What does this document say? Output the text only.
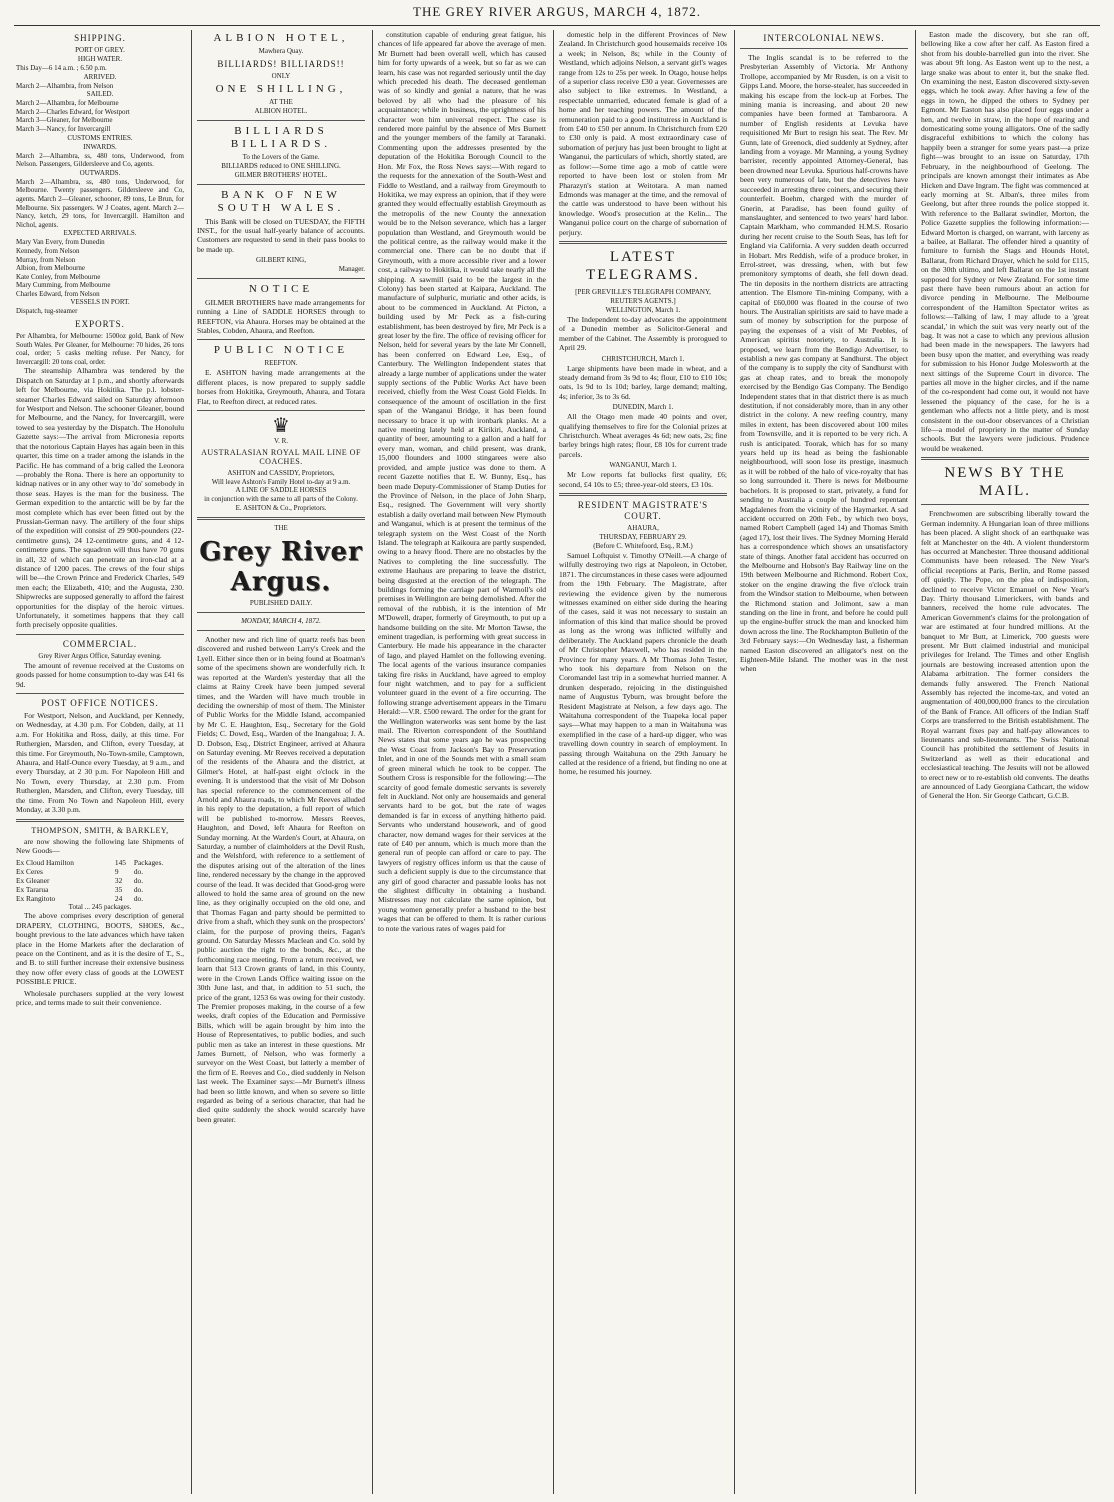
THE GREY RIVER ARGUS, MARCH 4, 1872.
SHIPPING.
PORT OF GREY.
HIGH WATER.
This Day—6 14 a.m. ; 6.50 p.m.
ARRIVED.
March 2—Alhambra, from Nelson
SAILED.
March 2—Alhambra, for Melbourne
March 2—Charles Edward, for Westport
March 3—Gleaner, for Melbourne
March 3—Nancy, for Invercargill
CUSTOMS ENTRIES.
INWARDS.
March 2—Alhambra, ss, 480 tons, Underwood, from Nelson. Passengers, Gildersleeve and Co, agents.
OUTWARDS.
March 2—Alhambra, ss, 480 tons, Underwood, for Melbourne. Twenty passengers. Gildersleeve and Co, agents. March 2—Gleaner, schooner, 89 tons, Le Brun, for Melbourne. Six passengers. W J Coates, agent. March 2—Nancy, ketch, 29 tons, for Invercargill. Hamilton and Nichol, agents.
EXPECTED ARRIVALS.
Mary Van Every, from Dunedin
Kennedy, from Nelson
Murray, from Nelson
Albion, from Melbourne
Kate Conley, from Melbourne
Mary Cumming, from Melbourne
Charles Edward, from Nelson
VESSELS IN PORT.
Dispatch, tug-steamer
EXPORTS.
Per Alhambra, for Melbourne: 1500oz gold, Bank of New South Wales. Per Gleaner, for Melbourne: 70 hides, 26 tons coal, order; 5 casks melting refuse. Per Nancy, for Invercargill: 20 tons coal, order.

The steamship Alhambra was tendered by the Dispatch on Saturday at 1 p.m., and shortly afterwards left for Melbourne, via Hokitika. The p.l. lobster-steamer Charles Edward sailed on Saturday afternoon for Westport and Nelson. The schooner Gleaner, bound for Melbourne, and the Nancy, for Invercargill, were towed to sea yesterday by the Dispatch. The Honolulu Gazette says:—The arrival from Micronesia reports that the notorious Captain Hayes has again been in this quarter, this time on a trader among the islands in the Pacific. He has command of a brig called the Leonora—probably the Rona. There is here an opportunity to kidnap natives or in any other way to 'do' somebody in those seas. Hayes is the man for the business. The German expedition to the antarctic will be by far the most complete which has ever been fitted out by the Prussian-German navy. The artillery of the four ships of the expedition will consist of 29 900-pounders (22-centimetre guns), 24 12-centimetre guns, and 4 12-centimetre guns. The squadron will thus have 70 guns in all, 32 of which can penetrate an iron-clad at a distance of 1200 paces. The crews of the four ships will be—the Crown Prince and Frederick Charles, 549 men each; the Elizabeth, 410; and the Augusta, 230. Shipwrecks are supposed generally to afford the fairest opportunities for the display of the heroic virtues. Unfortunately, it sometimes happens that they call forth precisely opposite qualities.

COMMERCIAL.
Grey River Argus Office, Saturday evening.

The amount of revenue received at the Customs on goods passed for home consumption to-day was £41 6s 9d.

POST OFFICE NOTICES.

For Westport, Nelson, and Auckland, per Kennedy, on Wednesday, at 4.30 p.m. For Cobden, daily, at 11 a.m. For Hokitika and Ross, daily, at this time. For Ruthergien, Marsden, and Clifton, every Tuesday, at this time. For Greymouth, No-Town-smile, Camptown, Ahaura, and Half-Ounce every Tuesday, at 9 a.m., and every Thursday, at 2 30 p.m. For Napoleon Hill and No Town, every Thursday, at 2.30 p.m. From Rutherglen, Marsden, and Clifton, every Tuesday, till the time. From No Town and Napoleon Hill, every Monday, at 3.30 p.m.

THOMPSON, SMITH, & BARKLEY,

are now showing the following late Shipments of New Goods—

Ex Cloud Hamilton	145	Packages.
Ex Ceres	9	do.
Ex Gleaner	32	do.
Ex Tararua	35	do.
Ex Rangitoto	24	do.
Total ... 245 packages.

The above comprises every description of general DRAPERY, CLOTHING, BOOTS, SHOES, &c., bought previous to the late advances which have taken place in the Home Markets after the declaration of peace on the Continent, and as it is the desire of T., S., and B. to still further increase their extensive business they now offer every class of goods at the LOWEST POSSIBLE PRICE.

Wholesale purchasers supplied at the very lowest price, and terms made to suit their convenience.

ALBION HOTEL,
Mawhera Quay.
BILLIARDS! BILLIARDS!!
ONLY
ONE SHILLING,
AT THE
ALBION HOTEL.
BILLIARDS BILLIARDS.
To the Lovers of the Game.
BILLIARDS reduced to ONE SHILLING.
GILMER BROTHERS' HOTEL.
BANK OF NEW SOUTH WALES.

This Bank will be closed on TUESDAY, the FIFTH INST., for the usual half-yearly balance of accounts. Customers are requested to send in their pass books to be made up.

GILBERT KING,
Manager.
NOTICE

GILMER BROTHERS have made arrangements for running a Line of SADDLE HORSES through to REEFTON, via Ahaura. Horses may be obtained at the Stables, Cobden, Ahaura, and Reefton.

PUBLIC NOTICE
REEFTON.

E. ASHTON having made arrangements at the different places, is now prepared to supply saddle horses from Hokitika, Greymouth, Ahaura, and Totara Flat, to Reefton direct, at reduced rates.

♛
V. R.
AUSTRALASIAN ROYAL MAIL LINE OF COACHES.
ASHTON and CASSIDY, Proprietors,
Will leave Ashton's Family Hotel to-day at 9 a.m.
A LINE OF SADDLE HORSES
in conjunction with the same to all parts of the Colony.
E. ASHTON & Co., Proprietors.
THE
Grey River Argus.
PUBLISHED DAILY.
MONDAY, MARCH 4, 1872.

Another new and rich line of quartz reefs has been discovered and rushed between Larry's Creek and the Lyell. Either since then or in being found at Boatman's some of the specimens shown are wonderfully rich. It was reported at the Warden's yesterday that all the claims at Rainy Creek have been jumped several times, and the Warden will have much trouble in deciding the ownership of most of them. The Minister of Public Works for the Middle Island, accompanied by Mr C. E. Haughton, Esq., Secretary for the Gold Fields; C. Dowd, Esq., Warden of the Inangahua; J. A. D. Dobson, Esq., District Engineer, arrived at Ahaura on Saturday evening. Mr Reeves received a deputation of the residents of the Ahaura and the district, at Gilmer's Hotel, at half-past eight o'clock in the evening. It is understood that the visit of Mr Dobson has special reference to the commencement of the Arnold and Ahaura roads, to which Mr Reeves alluded in his reply to the deputation, a full report of which will be published to-morrow. Messrs Reeves, Haughton, and Dowd, left Ahaura for Reefton on Sunday morning. At the Warden's Court, at Ahaura, on Saturday, a number of claimholders at the Devil Rush, and the Welshford, with reference to a settlement of the disputes arising out of the alteration of the lines line, rendered necessary by the change in the approved course of the lead. It was decided that Good-grog were allowed to hold the same area of ground on the new line, as they originally occupied on the old one, and that Thomas Fagan and party should be permitted to drive from a shaft, which they sunk on the prospectors' claim, for the purpose of proving theirs, Fagan's ground. On Saturday Messrs Maclean and Co. sold by public auction the right to the bonds, &c., at the forthcoming race meeting. From a return received, we learn that 513 Crown grants of land, in this County, were in the Crown Lands Office waiting issue on the 30th June last, and that, in addition to 51 such, the price of the grant, 1253 6s was owing for their custody. The Premier proposes making, in the course of a few weeks, draft copies of the Education and Permissive Bills, which will be again brought by him into the House of Representatives, to public bodies, and such public men as take an interest in these questions. Mr James Burnett, of Nelson, who was formerly a surveyor on the West Coast, but latterly a member of the firm of E. Reeves and Co., died suddenly in Nelson last week. The Examiner says:—Mr Burnett's illness had been so little known, and when so severe so little regarded as being of a serious character, that had he died quite suddenly the shock would scarcely have been greater.

constitution capable of enduring great fatigue, his chances of life appeared far above the average of men. Mr Burnett had been overall well, which has caused him for forty upwards of a week, but so far as we can learn, his case was not regarded seriously until the day which preceded his death. The deceased gentleman was of so kindly and genial a nature, that he was beloved by all who had the pleasure of his acquaintance; while in business, the uprightness of his character won him universal respect. The case is rendered more painful by the absence of Mrs Burnett and the younger members of the family at Taranaki. Commenting upon the addresses presented by the deputation of the Hokitika Borough Council to the Hon. Mr Fox, the Ross News says:—With regard to the requests for the annexation of the South-West and Fiddle to Westland, and a railway from Greymouth to Hokitika, we may express an opinion, that if they were granted they would effectually establish Greymouth as the metropolis of the new County the annexation would be to the Nelson severance, which has a larger population than Westland, and Greymouth would be the political centre, as the railway would make it the commercial one. There can be no doubt that if Greymouth, with a more accessible river and a lower cost, a railway to Hokitika, it would take nearly all the shipping. A sawmill (said to be the largest in the Colony) has been started at Kaipara, Auckland. The manufacture of sulphuric, muriatic and other acids, is about to be commenced in Auckland. At Picton, a building used by Mr Peck as a fish-curing establishment, has been destroyed by fire, Mr Peck is a great loser by the fire. The office of revising officer for Nelson, held for several years by the late Mr Connell, has been conferred on Edward Lee, Esq., of Canterbury. The Wellington Independent states that already a large number of applications under the water supply sections of the Public Works Act have been received, chiefly from the West Coast Gold Fields. In consequence of the amount of oscillation in the first span of the Wanganui Bridge, it has been found necessary to brace it up with ironbark planks. At a native meeting lately held at Kirikiri, Auckland, a quantity of beer, amounting to a gallon and a half for every man, woman, and child present, was drank, 15,000 flounders and 1000 stingarees were also provided, and ample justice was done to them. A recent Gazette notifies that E. W. Bunny, Esq., has been made Deputy-Commissioner of Stamp Duties for the Province of Nelson, in the place of John Sharp, Esq., resigned. The Government will very shortly establish a daily overland mail between New Plymouth and Wanganui, which is at present the terminus of the telegraph system on the West Coast of the North Island. The telegraph at Kaikoura are partly suspended, owing to a heavy flood. There are no obstacles by the Natives to completing the line successfully. The extreme Hauhaus are preparing to leave the district, being disgusted at the erection of the telegraph. The buildings forming the carriage part of Warmoll's old premises in Wellington are being demolished. After the removal of the rubbish, it is the intention of Mr M'Dowell, draper, formerly of Greymouth, to put up a handsome building on the site. Mr Morton Tawse, the eminent tragedian, is performing with great success in Canterbury. He made his appearance in the character of Iago, and played Hamlet on the following evening. The local agents of the various insurance companies taking fire risks in Auckland, have agreed to employ four night watchmen, and to pay for a sufficient volunteer guard in the event of a fire occurring. The following strange advertisement appears in the Timaru Herald:—V.R. £500 reward. The order for the grant for the Wellington waterworks was sent home by the last mail. The Riverton correspondent of the Southland News states that some years ago he was prospecting the West Coast from Jackson's Bay to Preservation Inlet, and in one of the Sounds met with a small seam of green mineral which he took to be copper. The Southern Cross is responsible for the following:—The scarcity of good female domestic servants is severely felt in Auckland. Not only are housemaids and general servants hard to be got, but the rate of wages demanded is far in excess of anything hitherto paid. Servants who understand housework, and of good character, now demand wages for their services at the rate of £40 per annum, which is much more than the general run of people can afford or care to pay. The lawyers of registry offices inform us that the cause of such a deficient supply is due to the circumstance that any girl of good character and passable looks has not the slightest difficulty in obtaining a husband. Mistresses may not calculate the same opinion, but young women generally prefer a husband to the best wages that can be offered to them. It is rather curious to note the various rates of wages paid for

domestic help in the different Provinces of New Zealand. In Christchurch good housemaids receive 10s a week; in Nelson, 8s; while in the County of Westland, which adjoins Nelson, a servant girl's wages range from 12s to 25s per week. In Otago, house helps of a superior class receive £30 a year. Governesses are also subject to like extremes. In Westland, a respectable unmarried, educated female is glad of a home and her teaching powers. The amount of the remuneration paid to a good institutress in Auckland is from £40 to £50 per annum. In Christchurch from £20 to £30 only is paid. A most extraordinary case of subornation of perjury has just been brought to light at Wanganui, the particulars of which, shortly stated, are as follow:—Some time ago a mob of cattle were reported to have been lost or stolen from Mr Pharazyn's station at Weitotara. A man named Edmonds was manager at the time, and the removal of the cattle was understood to have been without his knowledge. Wood's prosecution at the Kelin... The Wanganui police court on the charge of subornation of perjury.

LATEST TELEGRAMS.
[PER GREVILLE'S TELEGRAPH COMPANY, REUTER'S AGENTS.]
WELLINGTON, March 1.

The Independent to-day advocates the appointment of a Dunedin member as Solicitor-General and member of the Cabinet. The Assembly is prorogued to April 29.

CHRISTCHURCH, March 1.

Large shipments have been made in wheat, and a steady demand from 3s 9d to 4s; flour, £10 to £10 10s; oats, 1s 9d to 1s 10d; barley, large demand; malting, 4s; inferior, 3s to 3s 6d.

DUNEDIN, March 1.

All the Otago men made 40 points and over, qualifying themselves to fire for the Colonial prizes at Christchurch. Wheat averages 4s 6d; new oats, 2s; fine barley brings high rates; flour, £8 10s for current trade parcels.

WANGANUI, March 1.

Mr Low reports fat bullocks first quality, £6; second, £4 10s to £5; three-year-old steers, £3 10s.

RESIDENT MAGISTRATE'S COURT.
AHAURA,
THURSDAY, FEBRUARY 29.
(Before C. Whitefoord, Esq., R.M.)

Samuel Loftquist v. Timothy O'Neill.—A charge of wilfully destroying two rigs at Napoleon, in October, 1871. The circumstances in these cases were adjourned from the 19th February. The Magistrate, after reviewing the evidence given by the numerous witnesses examined on either side during the hearing of the cases, said it was not necessary to sustain an information of this kind that malice should be proved as long as the wrong was inflicted wilfully and deliberately. The Auckland papers chronicle the death of Mr Christopher Maxwell, who has resided in the Province for many years. A Mr Thomas John Tester, who took his departure from Nelson on the Coromandel last trip in a somewhat hurried manner. A drunken desperado, rejoicing in the distinguished name of Augustus Tyburn, was brought before the Resident Magistrate at Nelson, a few days ago. The Waitahuna correspondent of the Tuapeka local paper says—What may happen to a man in Waitahuna was exemplified in the case of a hard-up digger, who was travelling down country in search of employment. In passing through Waitahuna on the 29th January he called at the residence of a friend, but finding no one at home, he resumed his journey.

INTERCOLONIAL NEWS.

The Inglis scandal is to be referred to the Presbyterian Assembly of Victoria. Mr Anthony Trollope, accompanied by Mr Rusden, is on a visit to Gipps Land. Moore, the horse-stealer, has succeeded in making his escape from the lock-up at Forbes. The mining mania is increasing, and about 20 new companies have been formed at Tambaroora. A number of English residents at Levuka have requisitioned Mr Burt to resign his seat. The Rev. Mr Gunn, late of Greenock, died suddenly at Sydney, after landing from a voyage. Mr Manning, a young Sydney barrister, recently appointed Attorney-General, has been drowned near Levuka. Spurious half-crowns have been very numerous of late, but the detectives have succeeded in arresting three coiners, and securing their counterfeit. Boehm, charged with the murder of Gnerin, at Paradise, has been found guilty of manslaughter, and sentenced to two years' hard labor. Captain Markham, who commanded H.M.S. Rosario during her recent cruise to the South Seas, has left for England via California. A very sudden death occurred in Hobart. Mrs Reddish, wife of a produce broker, in Errol-street, was dressing, when, with but few premonitory symptoms of death, she fell down dead. The tin deposits in the northern districts are attracting attention. The Elsmore Tin-mining Company, with a capital of £60,000 was floated in the course of two hours. The Australian spiritists are said to have made a sum of money by subscription for the purpose of paying the expenses of a visit of Mr Peebles, of American spiritist notoriety, to Australia. It is proposed, we learn from the Bendigo Advertiser, to establish a new gas company at Sandhurst. The object of the company is to supply the city of Sandhurst with gas at cheap rates, and to break the monopoly exercised by the Bendigo Gas Company. The Bendigo Independent states that in that district there is as much destitution, if not considerably more, than in any other district in the colony. A new reefing country, many miles in extent, has been discovered about 100 miles from Townsville, and it is reported to be very rich. A rush is anticipated. Toorak, which has for so many years held up its head as being the fashionable neighbourhood, will soon lose its prestige, inasmuch as it will be robbed of the halo of vice-royalty that has so long surrounded it. There is news for Melbourne bachelors. It is proposed to start, privately, a fund for sending to Australia a couple of hundred repentant Magdalenes from the vicinity of the Haymarket. A sad accident occurred on 20th Feb., by which two boys, named Robert Campbell (aged 14) and Thomas Smith (aged 17), lost their lives. The Sydney Morning Herald has a correspondence which shows an unsatisfactory state of things. Another fatal accident has occurred on the Melbourne and Hobson's Bay Railway line on the 19th between Melbourne and Richmond. Robert Cox, stoker on the engine drawing the five o'clock train from the Windsor station to Melbourne, when between the Richmond station and Jolimont, saw a man standing on the line in front, and before he could pull up the engine-buffer struck the man and knocked him down across the line. The Rockhampton Bulletin of the 3rd February says:—On Wednesday last, a fisherman named Easton discovered an alligator's nest on the Eighteen-Mile Island. The mother was in the nest when

Easton made the discovery, but she ran off, bellowing like a cow after her calf. As Easton fired a shot from his double-barrelled gun into the river. She was about 9ft long. As Easton went up to the nest, a large snake was about to enter it, but the snake fled. On examining the nest, Easton discovered sixty-seven eggs, which he took away. After having a few of the eggs in town, he dipped the others to Sydney per Egmont. Mr Easton has also placed four eggs under a hen, and twelve in straw, in the hope of rearing and domesticating some young alligators. One of the sadly disgraceful exhibitions to which the colony has happily been a stranger for some years past—a prize fight—was brought to an issue on Saturday, 17th February, in the neighbourhood of Geelong. The principals are known amongst their intimates as Abe Hicken and Dave Ingram. The fight was commenced at early morning at St. Alban's, three miles from Geelong, but after three rounds the police stopped it. With reference to the Ballarat swindler, Morton, the Police Gazette supplies the following information:—Edward Morton is charged, on warrant, with larceny as a bailee, at Ballarat. The offender hired a quantity of furniture to furnish the Stags and Hounds Hotel, Ballarat, from Richard Drayer, which he sold for £115, on the 30th ultimo, and left Ballarat on the 1st instant supposed for Sydney or New Zealand. For some time past there have been rumours about an action for divorce pending in Melbourne. The Melbourne correspondent of the Hamilton Spectator writes as follows:—Talking of law, I may allude to a 'great scandal,' in which the suit was very nearly out of the bag. It was not a case to which any previous allusion had been made in the newspapers. The lawyers had been busy upon the matter, and everything was ready for submission to his Honor Judge Molesworth at the next sittings of the Supreme Court in divorce. The parties all move in the higher circles, and if the name of the co-respondent had come out, it would not have lessened the piquancy of the case, for he is a gentleman who affects not a little piety, and is most consistent in the out-door observances of a Christian life—a model of propriety in the matter of Sunday schools. But the lawyers were judicious. Prudence would be weakened.

NEWS BY THE MAIL.

Frenchwomen are subscribing liberally toward the German indemnity. A Hungarian loan of three millions has been placed. A slight shock of an earthquake was felt at Manchester on the 4th. A violent thunderstorm has occurred at Manchester. Three thousand additional Communists have been released. The New Year's official receptions at Paris, Berlin, and Rome passed off quietly. The Pope, on the plea of indisposition, declined to receive Victor Emanuel on New Year's Day. Thirty thousand Limerickers, with bands and banners, received the home rule advocates. The American Government's claims for the prolongation of war are estimated at four hundred millions. At the banquet to Mr Butt, at Limerick, 700 guests were present. Mr Butt claimed industrial and municipal privileges for Ireland. The Times and other English journals are bestowing increased attention upon the Alabama arbitration. The former considers the demands fully answered. The French National Assembly has rejected the income-tax, and voted an augmentation of 400,000,000 francs to the circulation of the Bank of France. All officers of the Indian Staff Corps are transferred to the British establishment. The Royal warrant fixes pay and half-pay allowances to lieutenants and sub-lieutenants. The Swiss National Council has prohibited the settlement of Jesuits in Switzerland as well as their educational and ecclesiastical teaching. The Jesuits will not be allowed to erect new or to re-establish old convents. The deaths are announced of Lady Georgiana Cathcart, the widow of General the Hon. Sir George Cathcart, G.C.B.
